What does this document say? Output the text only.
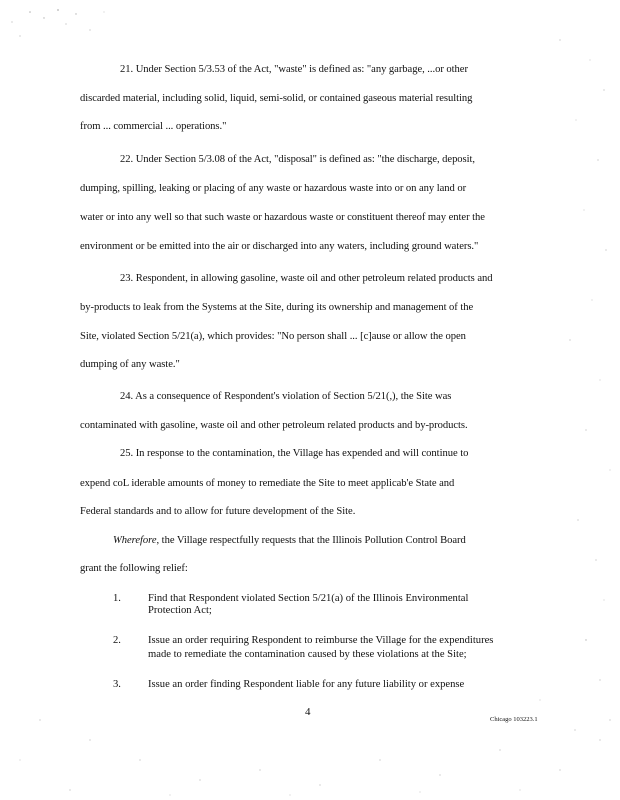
21. Under Section 5/3.53 of the Act, "waste" is defined as: "any garbage, ...or other
discarded material, including solid, liquid, semi-solid, or contained gaseous material resulting
from ... commercial ... operations."
22. Under Section 5/3.08 of the Act, "disposal" is defined as: "the discharge, deposit,
dumping, spilling, leaking or placing of any waste or hazardous waste into or on any land or
water or into any well so that such waste or hazardous waste or constituent thereof may enter the
environment or be emitted into the air or discharged into any waters, including ground waters."
23. Respondent, in allowing gasoline, waste oil and other petroleum related products and
by-products to leak from the Systems at the Site, during its ownership and management of the
Site, violated Section 5/21(a), which provides: "No person shall ... [c]ause or allow the open
dumping of any waste."
24. As a consequence of Respondent's violation of Section 5/21(,), the Site was
contaminated with gasoline, waste oil and other petroleum related products and by-products.
25. In response to the contamination, the Village has expended and will continue to
expend coL iderable amounts of money to remediate the Site to meet applicab'e State and
Federal standards and to allow for future development of the Site.
Wherefore, the Village respectfully requests that the Illinois Pollution Control Board
grant the following relief:
1.	Find that Respondent violated Section 5/21(a) of the Illinois Environmental
Protection Act;
2.	Issue an order requiring Respondent to reimburse the Village for the expenditures
made to remediate the contamination caused by these violations at the Site;
3.	Issue an order finding Respondent liable for any future liability or expense
4
Chicago 103223.1
